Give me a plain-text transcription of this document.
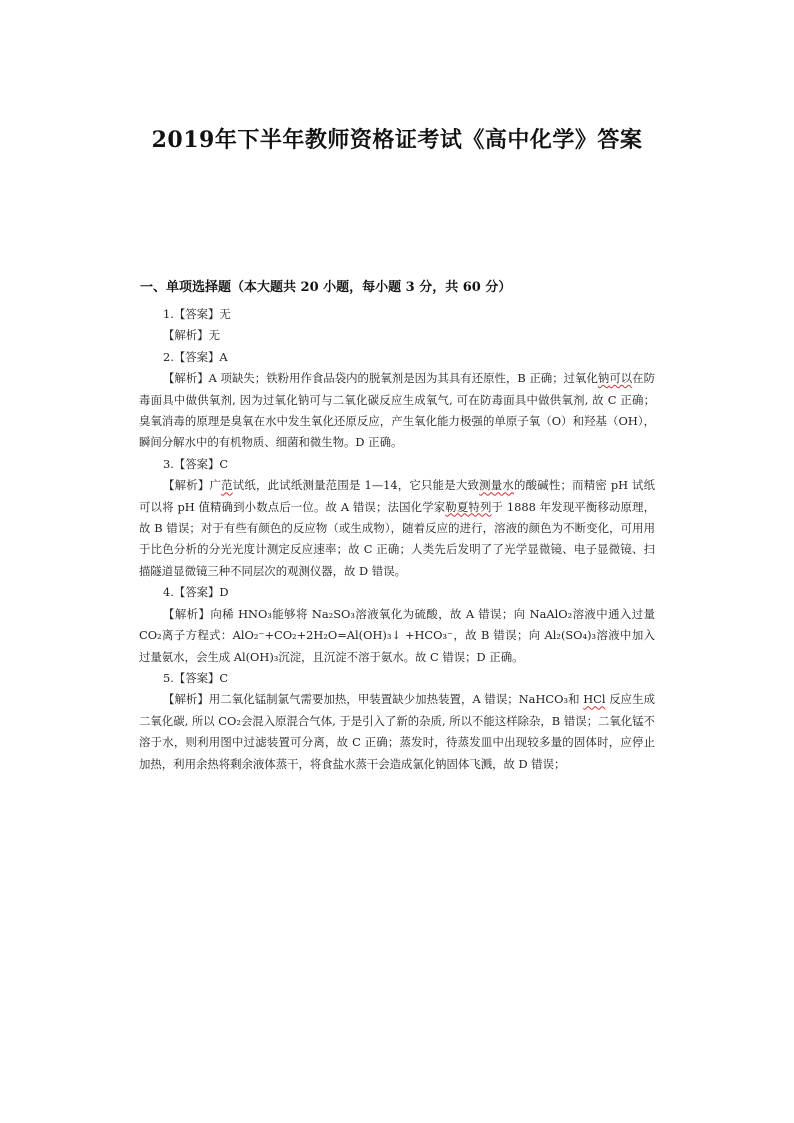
2019年下半年教师资格证考试《高中化学》答案
一、单项选择题（本大题共 20 小题，每小题 3 分，共 60 分）

1.【答案】无

【解析】无

2.【答案】A

【解析】A 项缺失；铁粉用作食品袋内的脱氧剂是因为其具有还原性，B 正确；过氧化钠可以在防毒面具中做供氧剂, 因为过氧化钠可与二氧化碳反应生成氧气, 可在防毒面具中做供氧剂, 故 C 正确；臭氧消毒的原理是臭氧在水中发生氧化还原反应，产生氧化能力极强的单原子氧（O）和羟基（OH），瞬间分解水中的有机物质、细菌和微生物。D 正确。

3.【答案】C

【解析】广范试纸，此试纸测量范围是 1—14，它只能是大致测量水的酸碱性；而精密 pH 试纸可以将 pH 值精确到小数点后一位。故 A 错误；法国化学家勒夏特列于 1888 年发现平衡移动原理，故 B 错误；对于有些有颜色的反应物（或生成物），随着反应的进行，溶液的颜色为不断变化，可用用于比色分析的分光光度计测定反应速率；故 C 正确；人类先后发明了了光学显微镜、电子显微镜、扫描隧道显微镜三种不同层次的观测仪器，故 D 错误。

4.【答案】D

【解析】向稀 HNO₃能够将 Na₂SO₃溶液氧化为硫酸，故 A 错误；向 NaAlO₂溶液中通入过量 CO₂离子方程式：AlO₂⁻+CO₂+2H₂O=Al(OH)₃↓ +HCO₃⁻，故 B 错误；向 Al₂(SO₄)₃溶液中加入过量氨水，会生成 Al(OH)₃沉淀，且沉淀不溶于氨水。故 C 错误；D 正确。

5.【答案】C

【解析】用二氧化锰制氯气需要加热，甲装置缺少加热装置，A 错误；NaHCO₃和 HCl 反应生成二氧化碳, 所以 CO₂会混入原混合气体, 于是引入了新的杂质, 所以不能这样除杂，B 错误；二氧化锰不溶于水，则利用图中过滤装置可分离，故 C 正确；蒸发时，待蒸发皿中出现较多量的固体时，应停止加热，利用余热将剩余液体蒸干，将食盐水蒸干会造成氯化钠固体飞溅，故 D 错误；
